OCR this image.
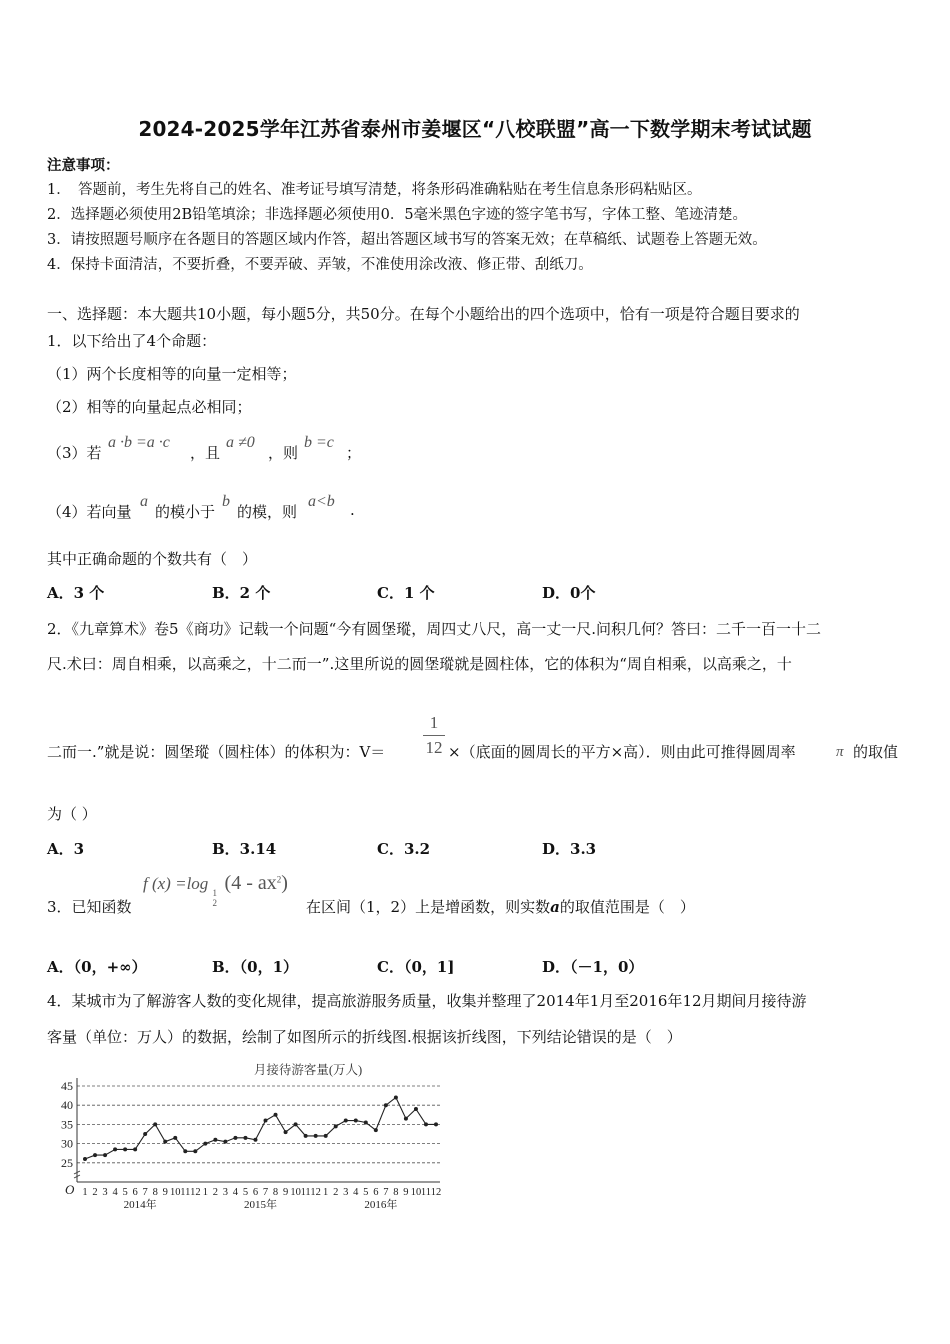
2024-2025学年江苏省泰州市姜堰区“八校联盟”高一下数学期末考试试题
注意事项：
1．　答题前，考生先将自己的姓名、准考证号填写清楚，将条形码准确粘贴在考生信息条形码粘贴区。
2．选择题必须使用2B铅笔填涂；非选择题必须使用0．5毫米黑色字迹的签字笔书写，字体工整、笔迹清楚。
3．请按照题号顺序在各题目的答题区域内作答，超出答题区域书写的答案无效；在草稿纸、试题卷上答题无效。
4．保持卡面清洁，不要折叠，不要弄破、弄皱，不准使用涂改液、修正带、刮纸刀。
一、选择题：本大题共10小题，每小题5分，共50分。在每个小题给出的四个选项中，恰有一项是符合题目要求的
1．以下给出了4个命题：
（1）两个长度相等的向量一定相等；
（2）相等的向量起点必相同；
（3）若
a ·b =a ·c
，且
a ≠0
，则
b =c
；
（4）若向量
a
的模小于
b
的模，则
a<b .
其中正确命题的个数共有（　）
A．3 个	B．2 个	C．1 个	D．0个
2．《九章算术》卷5《商功》记载一个问题“今有圆堡瑽，周四丈八尺，高一丈一尺.问积几何？答曰：二千一百一十二
尺.术曰：周自相乘，以高乘之，十二而一”.这里所说的圆堡瑽就是圆柱体，它的体积为“周自相乘，以高乘之，十
二而一.”就是说：圆堡瑽（圆柱体）的体积为：V＝
1
12 ×（底面的圆周长的平方×高）．则由此可推得圆周率	π 的取值
为（ ）
A．3	B．3.14	C．3.2	D．3.3
3．已知函数
f (x) =log 1
2
$(4 - ax^2)$
在区间（1，2）上是增函数，则实数a的取值范围是（　）
A．（0，+∞）	B．（0，1）	C．（0，1]	D．（－1，0）
4．某城市为了解游客人数的变化规律，提高旅游服务质量，收集并整理了2014年1月至2016年12月期间月接待游
客量（单位：万人）的数据，绘制了如图所示的折线图.根据该折线图，下列结论错误的是（　）
月接待游客量(万人)
45
40
35
30
25
O 1 2 3 4 5 6 7 8 9 10 11 12 1 2 3 4 5 6 7 8 9 10 11 12 1 2 3 4 5 6 7 8 9 10 11 12
2014年	2015年	2016年
